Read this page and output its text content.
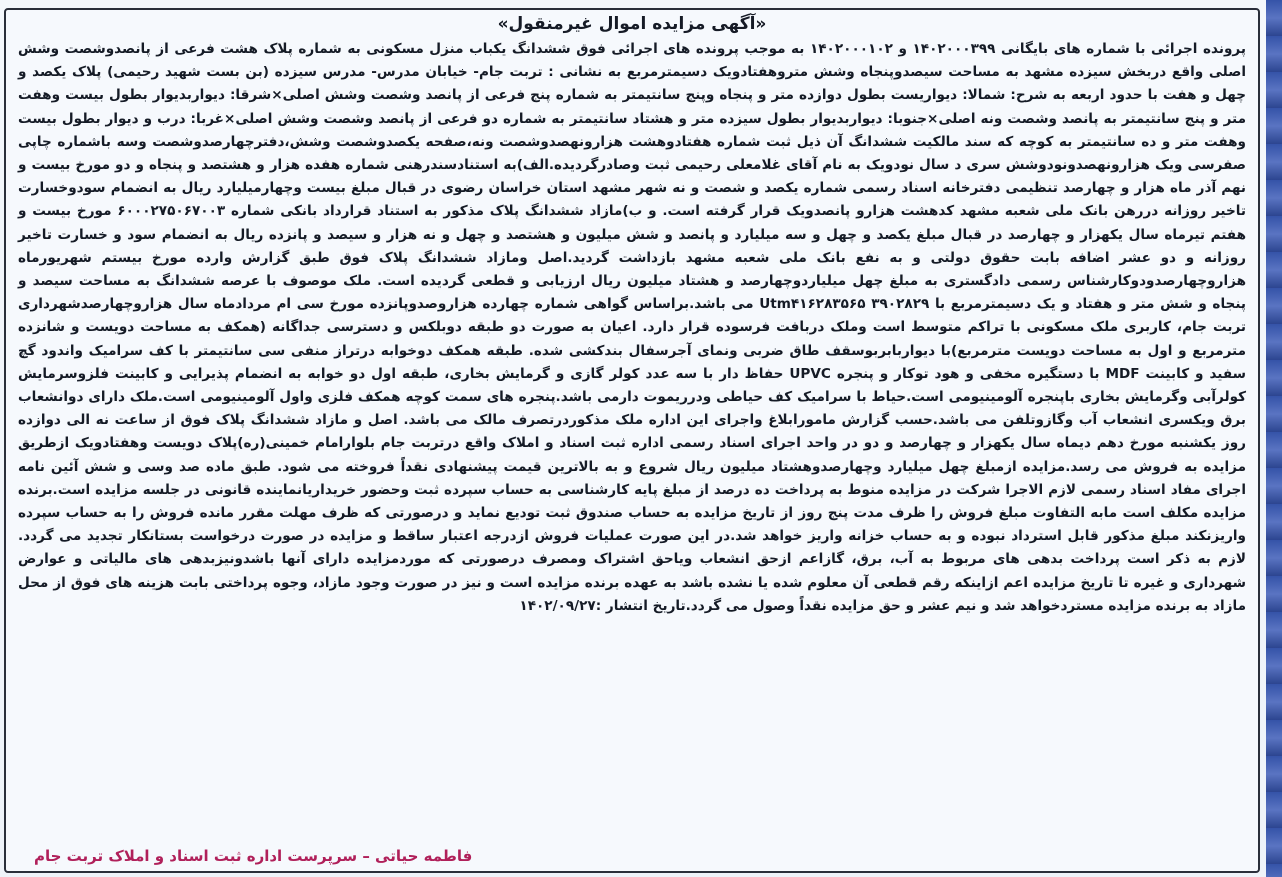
«آگهی مزایده اموال غیرمنقول»

پرونده اجرائی با شماره های بایگانی ۱۴۰۲۰۰۰۳۹۹ و ۱۴۰۲۰۰۰۱۰۲ به موجب پرونده های اجرائی فوق ششدانگ یکباب منزل مسکونی به شماره پلاک هشت فرعی از پانصدوشصت وشش اصلی واقع دربخش سیزده مشهد به مساحت سیصدوپنجاه وشش متروهفتادویک دسیمترمربع به نشانی : تربت جام- خیابان مدرس- مدرس سیزده (بن بست شهید رحیمی) پلاک یکصد و چهل و هفت با حدود اربعه به شرح: شمالا: دیواریست بطول دوازده متر و پنجاه وپنج سانتیمتر به شماره پنج فرعی از پانصد وشصت وشش اصلی×شرقا: دیواربدیوار بطول بیست وهفت متر و پنج سانتیمتر به پانصد وشصت ونه اصلی×جنوبا: دیواربدیوار بطول سیزده متر و هشتاد سانتیمتر به شماره دو فرعی از پانصد وشصت وشش اصلی×غربا: درب و دیوار بطول بیست وهفت متر و ده سانتیمتر به کوچه که سند مالکیت ششدانگ آن ذیل ثبت شماره هفتادوهشت هزارونهصدوشصت ونه،صفحه یکصدوشصت وشش،دفترچهارصدوشصت وسه باشماره چاپی صفرسی ویک هزارونهصدونودوشش سری د سال نودویک به نام آقای غلامعلی رحیمی ثبت وصادرگردیده.الف)به استنادسندرهنی شماره هفده هزار و هشتصد و پنجاه و دو مورخ بیست و نهم آذر ماه هزار و چهارصد تنظیمی دفترخانه اسناد رسمی شماره یکصد و شصت و نه شهر مشهد استان خراسان رضوی در قبال مبلغ بیست وچهارمیلیارد ریال به انضمام سودوخسارت تاخیر روزانه دررهن بانک ملی شعبه مشهد کدهشت هزارو پانصدویک قرار گرفته است. و ب)مازاد ششدانگ پلاک مذکور به استناد قرارداد بانکی شماره ۶۰۰۰۲۷۵۰۶۷۰۰۳ مورخ بیست و هفتم تیرماه سال یکهزار و چهارصد در قبال مبلغ یکصد و چهل و سه میلیارد و پانصد و شش میلیون و هشتصد و چهل و نه هزار و سیصد و پانزده ریال به انضمام سود و خسارت تاخیر روزانه و دو عشر اضافه بابت حقوق دولتی و به نفع بانک ملی شعبه مشهد بازداشت گردید.اصل ومازاد ششدانگ پلاک فوق طبق گزارش وارده مورخ بیستم شهریورماه هزاروچهارصدودوکارشناس رسمی دادگستری به مبلغ چهل میلیاردوچهارصد و هشتاد میلیون ریال ارزیابی و قطعی گردیده است. ملک موصوف با عرصه ششدانگ به مساحت سیصد و پنجاه و شش متر و هفتاد و یک دسیمترمربع با Utm۴۱۶۲۸۳۵۶۵ ۳۹۰۲۸۲۹ می باشد.براساس گواهی شماره چهارده هزاروصدوپانزده مورخ سی ام مردادماه سال هزاروچهارصدشهرداری تربت جام، کاربری ملک مسکونی با تراکم متوسط است وملک دربافت فرسوده قرار دارد. اعیان به صورت دو طبقه دوبلکس و دسترسی جداگانه (همکف به مساحت دویست و شانزده مترمربع و اول به مساحت دویست مترمربع)با دیواربابربوسقف طاق ضربی ونمای آجرسفال بندکشی شده. طبقه همکف دوخوابه درتراز منفی سی سانتیمتر با کف سرامیک واندود گچ سفید و کابینت MDF با دستگیره مخفی و هود توکار و پنجره UPVC حفاظ دار با سه عدد کولر گازی و گرمایش بخاری، طبقه اول دو خوابه به انضمام پذیرایی و کابینت فلزوسرمایش کولرآبی وگرمایش بخاری باپنجره آلومینیومی است.حیاط با سرامیک کف حیاطی ودرریموت دارمی باشد.پنجره های سمت کوچه همکف فلزی واول آلومینیومی است.ملک دارای دوانشعاب برق ویکسری انشعاب آب وگازوتلفن می باشد.حسب گزارش مامورابلاغ واجرای این اداره ملک مذکوردرتصرف مالک می باشد. اصل و مازاد ششدانگ پلاک فوق از ساعت نه الی دوازده روز یکشنبه مورخ دهم دیماه سال یکهزار و چهارصد و دو در واحد اجرای اسناد رسمی اداره ثبت اسناد و املاک واقع درتربت جام بلوارامام خمینی(ره)پلاک دویست وهفتادویک ازطریق مزایده به فروش می رسد.مزایده ازمبلغ چهل میلیارد وچهارصدوهشتاد میلیون ریال شروع و به بالاترین قیمت پیشنهادی نقداً فروخته می شود. طبق ماده صد وسی و شش آئین نامه اجرای مفاد اسناد رسمی لازم الاجرا شرکت در مزایده منوط به پرداخت ده درصد از مبلغ پایه کارشناسی به حساب سپرده ثبت وحضور خریداریانماینده قانونی در جلسه مزایده است.برنده مزایده مکلف است مابه التفاوت مبلغ فروش را ظرف مدت پنج روز از تاریخ مزایده به حساب صندوق ثبت تودیع نماید و درصورتی که ظرف مهلت مقرر مانده فروش را به حساب سپرده واریزنکند مبلغ مذکور قابل استرداد نبوده و به حساب خزانه واریز خواهد شد.در این صورت عملیات فروش ازدرجه اعتبار ساقط و مزایده در صورت درخواست بستانکار تجدید می گردد. لازم به ذکر است پرداخت بدهی های مربوط به آب، برق، گازاعم ازحق انشعاب ویاحق اشتراک ومصرف درصورتی که موردمزایده دارای آنها باشدونیزبدهی های مالیاتی و عوارض شهرداری و غیره تا تاریخ مزایده اعم ازاینکه رقم قطعی آن معلوم شده یا نشده باشد به عهده برنده مزایده است و نیز در صورت وجود مازاد، وجوه پرداختی بابت هزینه های فوق از محل مازاد به برنده مزایده مستردخواهد شد و نیم عشر و حق مزایده نقداً وصول می گردد.تاریخ انتشار :۱۴۰۲/۰۹/۲۷

فاطمه حیاتی – سرپرست اداره ثبت اسناد و املاک تربت جام
